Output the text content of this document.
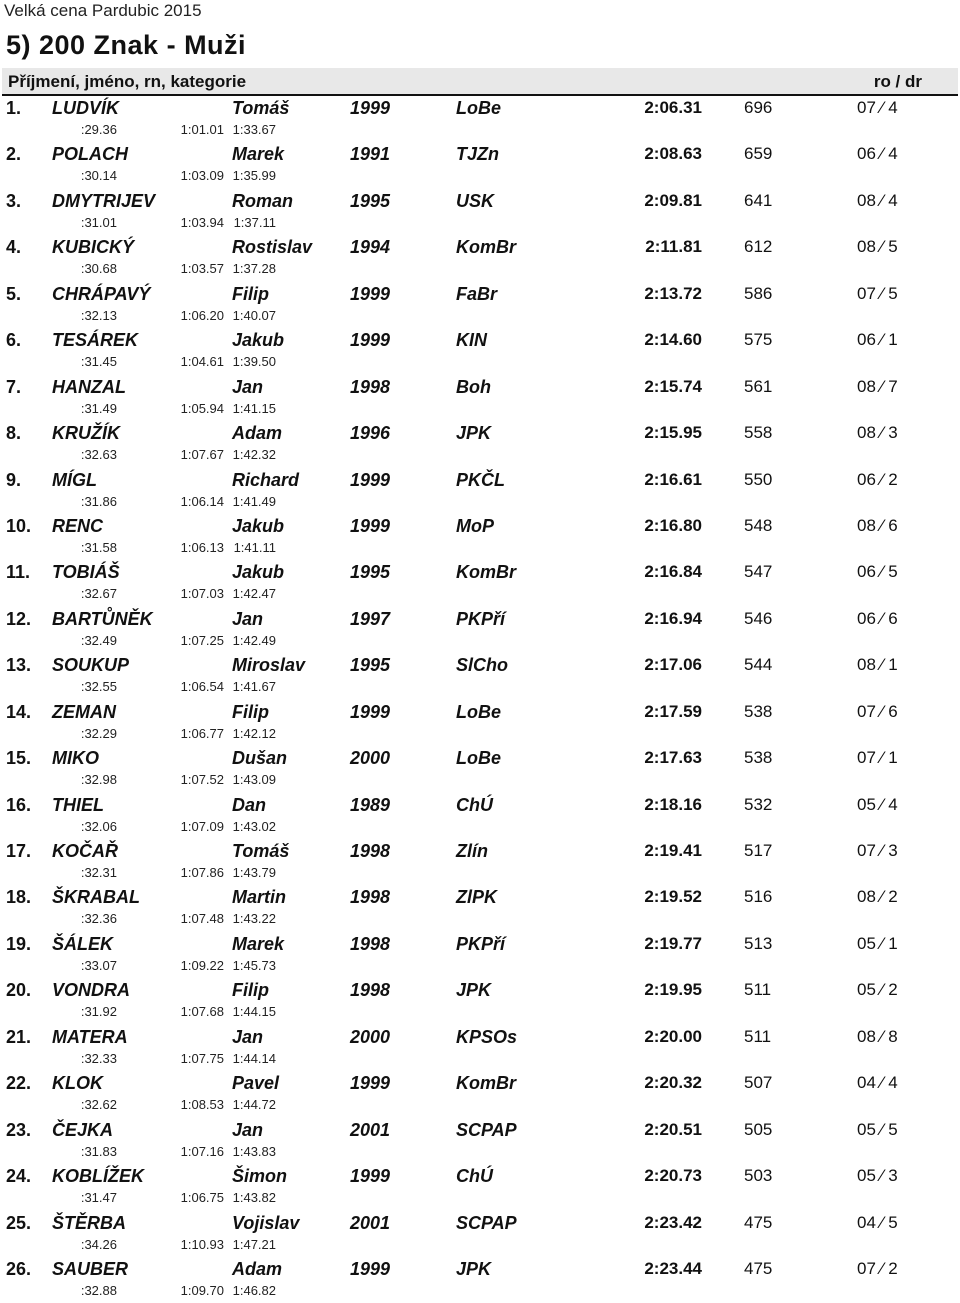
Velká cena Pardubic 2015
5) 200 Znak - Muži
Příjmení, jméno, rn, kategorie	ro / dr
1. LUDVÍK	Tomáš	1999	LoBe	2:06.31 696	07 ⁄ 4
:29.36	1:01.01 1:33.67
2. POLACH	Marek	1991	TJZn	2:08.63 659	06 ⁄ 4
:30.14	1:03.09 1:35.99
3. DMYTRIJEV	Roman	1995	USK	2:09.81 641	08 ⁄ 4
:31.01	1:03.94 1:37.11
4. KUBICKÝ	Rostislav 1994	KomBr	2:11.81 612	08 ⁄ 5
:30.68	1:03.57 1:37.28
5. CHRÁPAVÝ	Filip	1999	FaBr	2:13.72 586	07 ⁄ 5
:32.13	1:06.20 1:40.07
6. TESÁREK	Jakub	1999	KIN	2:14.60 575	06 ⁄ 1
:31.45	1:04.61 1:39.50
7. HANZAL	Jan	1998	Boh	2:15.74 561	08 ⁄ 7
:31.49	1:05.94 1:41.15
8. KRUŽÍK	Adam	1996	JPK	2:15.95 558	08 ⁄ 3
:32.63	1:07.67 1:42.32
9. MÍGL	Richard	1999	PKČL	2:16.61 550	06 ⁄ 2
:31.86	1:06.14 1:41.49
10. RENC	Jakub	1999	MoP	2:16.80 548	08 ⁄ 6
:31.58	1:06.13 1:41.11
11. TOBIÁŠ	Jakub	1995	KomBr	2:16.84 547	06 ⁄ 5
:32.67	1:07.03 1:42.47
12. BARTŮNĚK	Jan	1997	PKPří	2:16.94 546	06 ⁄ 6
:32.49	1:07.25 1:42.49
13. SOUKUP	Miroslav 1995	SlCho	2:17.06 544	08 ⁄ 1
:32.55	1:06.54 1:41.67
14. ZEMAN	Filip	1999	LoBe	2:17.59 538	07 ⁄ 6
:32.29	1:06.77 1:42.12
15. MIKO	Dušan	2000	LoBe	2:17.63 538	07 ⁄ 1
:32.98	1:07.52 1:43.09
16. THIEL	Dan	1989	ChÚ	2:18.16 532	05 ⁄ 4
:32.06	1:07.09 1:43.02
17. KOČAŘ	Tomáš	1998	Zlín	2:19.41 517	07 ⁄ 3
:32.31	1:07.86 1:43.79
18. ŠKRABAL	Martin	1998	ZlPK	2:19.52 516	08 ⁄ 2
:32.36	1:07.48 1:43.22
19. ŠÁLEK	Marek	1998	PKPří	2:19.77 513	05 ⁄ 1
:33.07	1:09.22 1:45.73
20. VONDRA	Filip	1998	JPK	2:19.95 511	05 ⁄ 2
:31.92	1:07.68 1:44.15
21. MATERA	Jan	2000	KPSOs	2:20.00 511	08 ⁄ 8
:32.33	1:07.75 1:44.14
22. KLOK	Pavel	1999	KomBr	2:20.32 507	04 ⁄ 4
:32.62	1:08.53 1:44.72
23. ČEJKA	Jan	2001	SCPAP	2:20.51 505	05 ⁄ 5
:31.83	1:07.16 1:43.83
24. KOBLÍŽEK	Šimon	1999	ChÚ	2:20.73 503	05 ⁄ 3
:31.47	1:06.75 1:43.82
25. ŠTĚRBA	Vojislav	2001	SCPAP	2:23.42 475	04 ⁄ 5
:34.26	1:10.93 1:47.21
26. SAUBER	Adam	1999	JPK	2:23.44 475	07 ⁄ 2
:32.88	1:09.70 1:46.82
